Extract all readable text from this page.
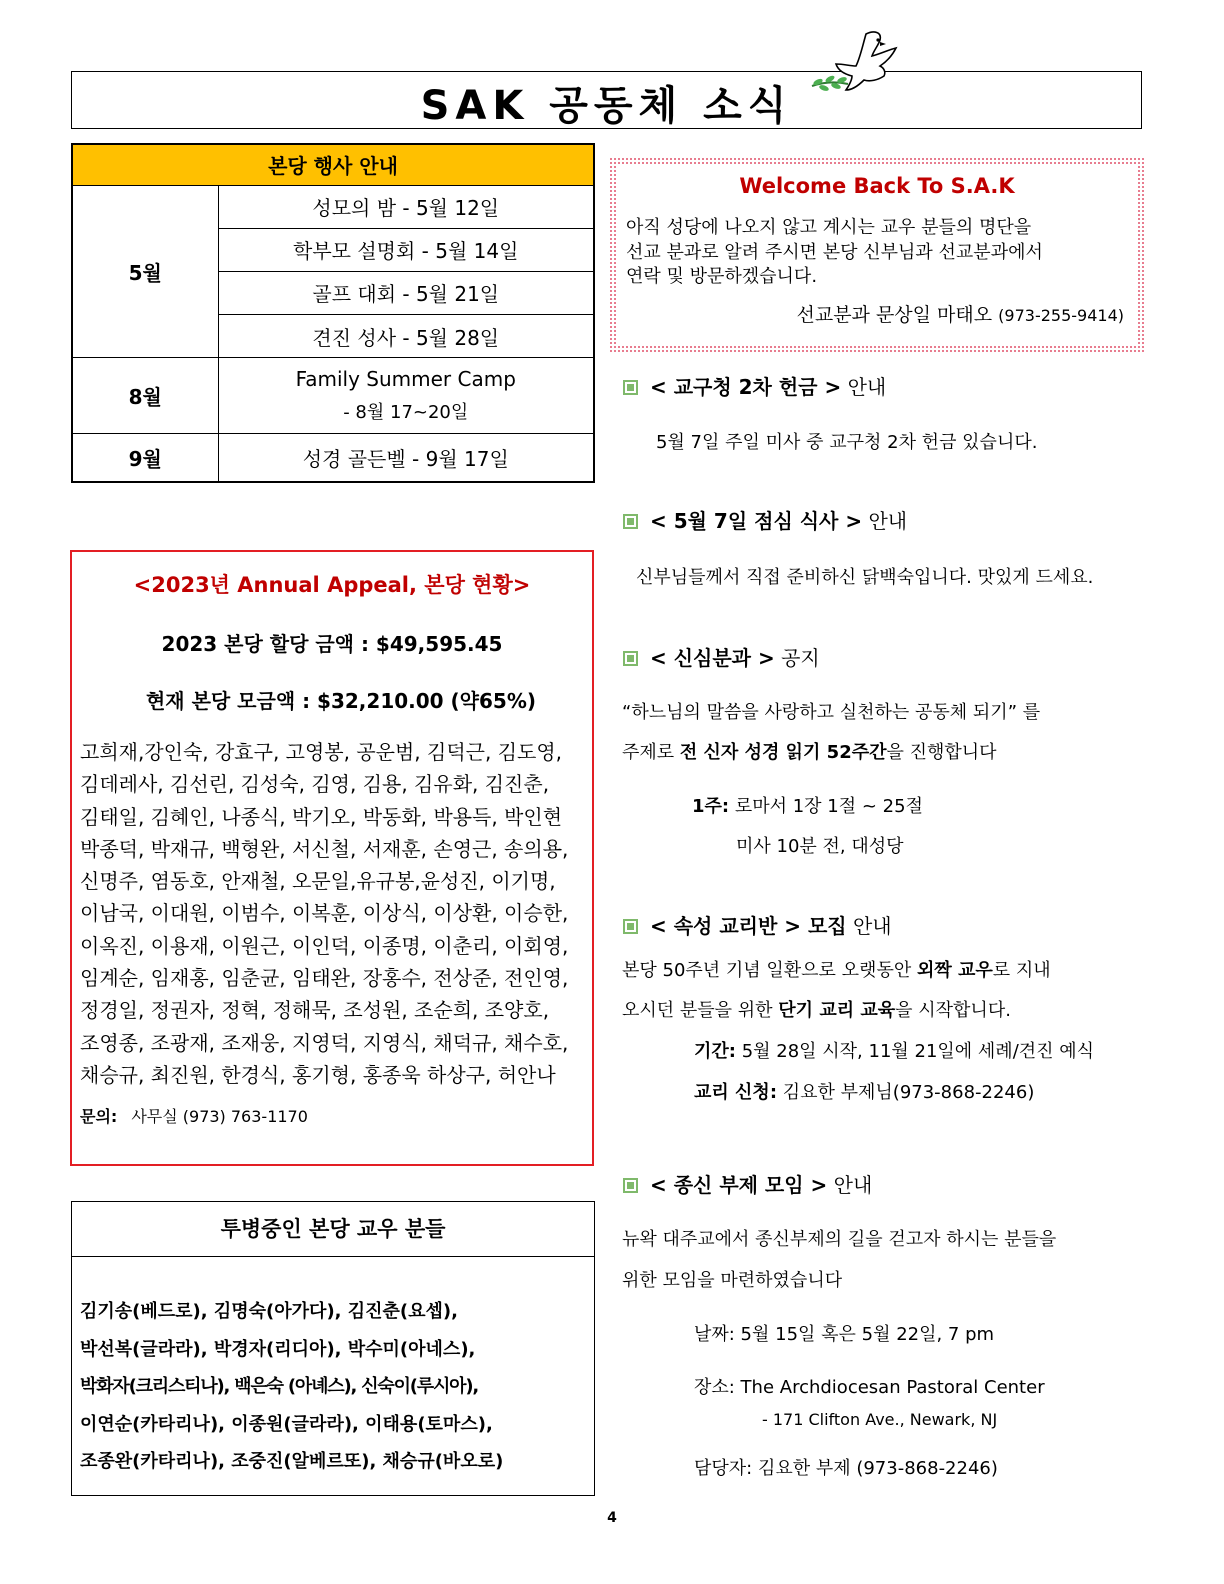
SAK 공동체 소식
본당 행사 안내	
5월	성모의 밤 - 5월 12일
	학부모 설명회 - 5월 14일
	골프 대회 - 5월 21일
	견진 성사 - 5월 28일
8월	Family Summer Camp
- 8월 17~20일

9월	성경 골든벨 - 9월 17일
<2023년 Annual Appeal, 본당 현황>
2023 본당 할당 금액 : $49,595.45
현재 본당 모금액 : $32,210.00 (약65%)
고희재,강인숙, 강효구, 고영봉, 공운범, 김덕근, 김도영,
김데레사, 김선린, 김성숙, 김영, 김용, 김유화, 김진춘,
김태일, 김혜인, 나종식, 박기오, 박동화, 박용득, 박인현
박종덕, 박재규, 백형완, 서신철, 서재훈, 손영근, 송의용,
신명주, 염동호, 안재철, 오문일,유규봉,윤성진, 이기명,
이남국, 이대원, 이범수, 이복훈, 이상식, 이상환, 이승한,
이옥진, 이용재, 이원근, 이인덕, 이종명, 이춘리, 이회영,
임계순, 임재홍, 임춘균, 임태완, 장홍수, 전상준, 전인영,
정경일, 정권자, 정혁, 정해묵, 조성원, 조순희, 조양호,
조영종, 조광재, 조재웅, 지영덕, 지영식, 채덕규, 채수호,
채승규, 최진원, 한경식, 홍기형, 홍종욱 하상구, 허안나
문의: 사무실 (973) 763-1170
투병중인 본당 교우 분들
김기송(베드로), 김명숙(아가다), 김진춘(요셉),
박선복(글라라), 박경자(리디아), 박수미(아네스),
박화자(크리스티나), 백은숙 (아녜스), 신숙이(루시아),
이연순(카타리나), 이종원(글라라), 이태용(토마스),
조종완(카타리나), 조중진(알베르또), 채승규(바오로)
Welcome Back To S.A.K
아직 성당에 나오지 않고 계시는 교우 분들의 명단을
선교 분과로 알려 주시면 본당 신부님과 선교분과에서
연락 및 방문하겠습니다.
선교분과 문상일 마태오 (973-255-9414)
< 교구청 2차 헌금 > 안내
5월 7일 주일 미사 중 교구청 2차 헌금 있습니다.
< 5월 7일 점심 식사 > 안내
신부님들께서 직접 준비하신 닭백숙입니다. 맛있게 드세요.
< 신심분과 > 공지
“하느님의 말씀을 사랑하고 실천하는 공동체 되기” 를
주제로 전 신자 성경 읽기 52주간을 진행합니다
1주: 로마서 1장 1절 ~ 25절
미사 10분 전, 대성당
< 속성 교리반 > 모집 안내
본당 50주년 기념 일환으로 오랫동안 외짝 교우로 지내
오시던 분들을 위한 단기 교리 교육을 시작합니다.
기간: 5월 28일 시작, 11월 21일에 세례/견진 예식
교리 신청: 김요한 부제님(973-868-2246)
< 종신 부제 모임 > 안내
뉴왁 대주교에서 종신부제의 길을 걷고자 하시는 분들을
위한 모임을 마련하였습니다
날짜: 5월 15일 혹은 5월 22일, 7 pm
장소: The Archdiocesan Pastoral Center
- 171 Clifton Ave., Newark, NJ
담당자: 김요한 부제 (973-868-2246)
4
